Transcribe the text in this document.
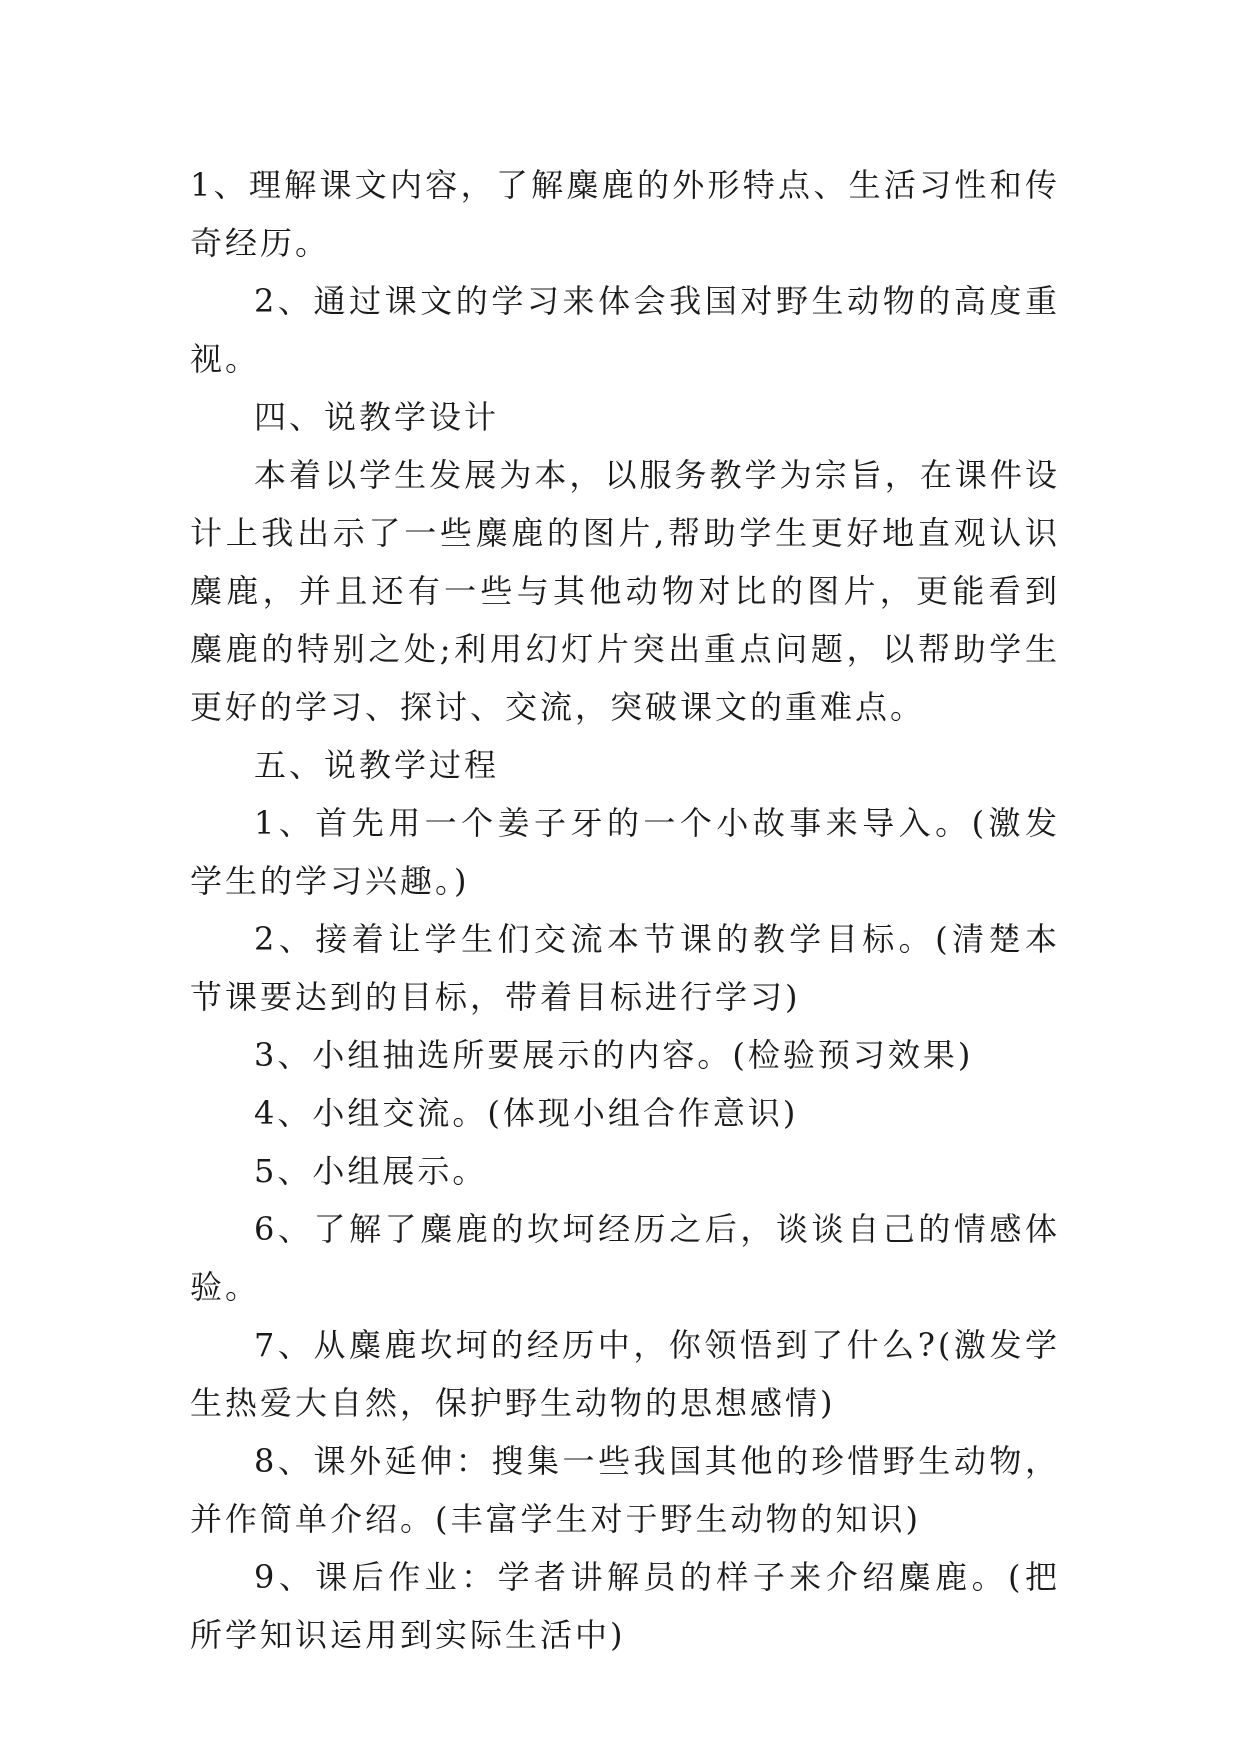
1、理解课文内容，了解麋鹿的外形特点、生活习性和传奇经历。

2、通过课文的学习来体会我国对野生动物的高度重视。

四、说教学设计

本着以学生发展为本，以服务教学为宗旨，在课件设计上我出示了一些麋鹿的图片,帮助学生更好地直观认识麋鹿，并且还有一些与其他动物对比的图片，更能看到麋鹿的特别之处;利用幻灯片突出重点问题，以帮助学生更好的学习、探讨、交流，突破课文的重难点。

五、说教学过程

1、首先用一个姜子牙的一个小故事来导入。(激发学生的学习兴趣。)

2、接着让学生们交流本节课的教学目标。(清楚本节课要达到的目标，带着目标进行学习)

3、小组抽选所要展示的内容。(检验预习效果)

4、小组交流。(体现小组合作意识)

5、小组展示。

6、了解了麋鹿的坎坷经历之后，谈谈自己的情感体验。

7、从麋鹿坎坷的经历中，你领悟到了什么?(激发学生热爱大自然，保护野生动物的思想感情)

8、课外延伸：搜集一些我国其他的珍惜野生动物，并作简单介绍。(丰富学生对于野生动物的知识)

9、课后作业：学者讲解员的样子来介绍麋鹿。(把所学知识运用到实际生活中)
